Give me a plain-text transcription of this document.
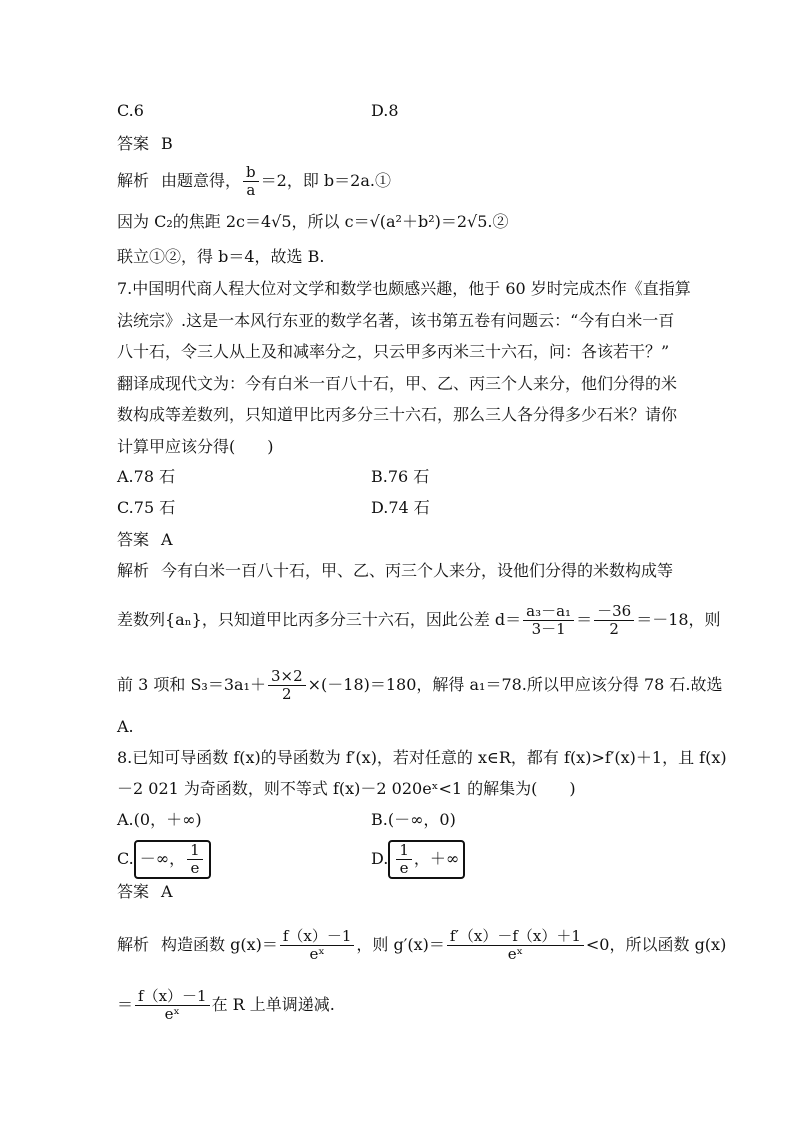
C.6	D.8
答案 B
解析 由题意得， $\frac{b}{a} =2$，即 b＝2a.①
因为 C₂的焦距 2c＝4√5，所以 c＝√(a²＋b²)＝2√5.②
联立①②，得 b＝4，故选 B.
7.中国明代商人程大位对文学和数学也颇感兴趣，他于 60 岁时完成杰作《直指算
法统宗》.这是一本风行东亚的数学名著，该书第五卷有问题云：“今有白米一百
八十石，令三人从上及和减率分之，只云甲多丙米三十六石，问：各该若干？”
翻译成现代文为：今有白米一百八十石，甲、乙、丙三个人来分，他们分得的米
数构成等差数列，只知道甲比丙多分三十六石，那么三人各分得多少石米？请你
计算甲应该分得(　　)
A.78 石	B.76 石
C.75 石	D.74 石
答案 A
解析 今有白米一百八十石，甲、乙、丙三个人来分，设他们分得的米数构成等
差数列{aₙ}，只知道甲比丙多分三十六石，因此公差 $d= \frac{\text{a₃－a₁}}{3-1} = \frac{-36}{2} =-18$，则
前 3 项和 $S_3=3a_1+ \frac{3\times 2}{2} \times(-18)=180$，解得 a₁＝78.所以甲应该分得 78 石.故选
A.
8.已知可导函数 f(x)的导函数为 f′(x)，若对任意的 x∈R，都有 f(x)>f′(x)＋1，且 f(x)
－2 021 为奇函数，则不等式 f(x)－2 020eˣ<1 的解集为(　　)
A.(0，＋∞)	B.(－∞，0)
C. －∞， $\frac{1}{e}$	D. $\frac{1}{e}$ ，＋∞
答案 A
解析 构造函数 $g(x)= \frac{f(x)-1}{\text{eˣ}}$ ，则 $g'(x)= \frac{f'(x)-f(x)+1}{\text{eˣ}} <0$，所以函数 g(x)
＝ $\frac{f(x)-1}{\text{eˣ}}$ 在 R 上单调递减.
